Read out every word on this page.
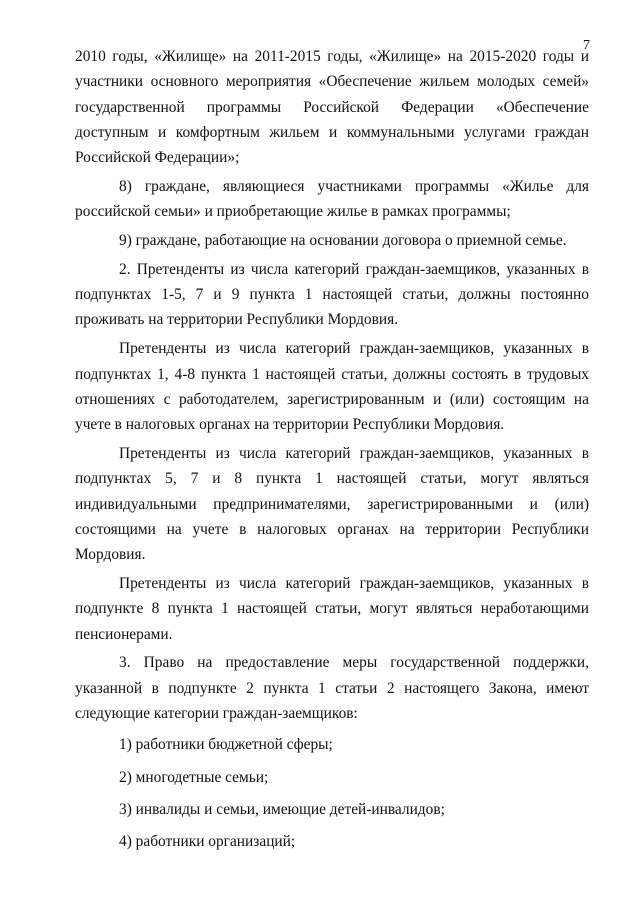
7

2010 годы, «Жилище» на 2011-2015 годы, «Жилище» на 2015-2020 годы и участники основного мероприятия «Обеспечение жильем молодых семей» государственной программы Российской Федерации «Обеспечение доступным и комфортным жильем и коммунальными услугами граждан Российской Федерации»;

8) граждане, являющиеся участниками программы «Жилье для российской семьи» и приобретающие жилье в рамках программы;

9) граждане, работающие на основании договора о приемной семье.

2. Претенденты из числа категорий граждан-заемщиков, указанных в подпунктах 1-5, 7 и 9 пункта 1 настоящей статьи, должны постоянно проживать на территории Республики Мордовия.

Претенденты из числа категорий граждан-заемщиков, указанных в подпунктах 1, 4-8 пункта 1 настоящей статьи, должны состоять в трудовых отношениях с работодателем, зарегистрированным и (или) состоящим на учете в налоговых органах на территории Республики Мордовия.

Претенденты из числа категорий граждан-заемщиков, указанных в подпунктах 5, 7 и 8 пункта 1 настоящей статьи, могут являться индивидуальными предпринимателями, зарегистрированными и (или) состоящими на учете в налоговых органах на территории Республики Мордовия.

Претенденты из числа категорий граждан-заемщиков, указанных в подпункте 8 пункта 1 настоящей статьи, могут являться неработающими пенсионерами.

3. Право на предоставление меры государственной поддержки, указанной в подпункте 2 пункта 1 статьи 2 настоящего Закона, имеют следующие категории граждан-заемщиков:

1) работники бюджетной сферы;

2) многодетные семьи;

3) инвалиды и семьи, имеющие детей-инвалидов;

4) работники организаций;
